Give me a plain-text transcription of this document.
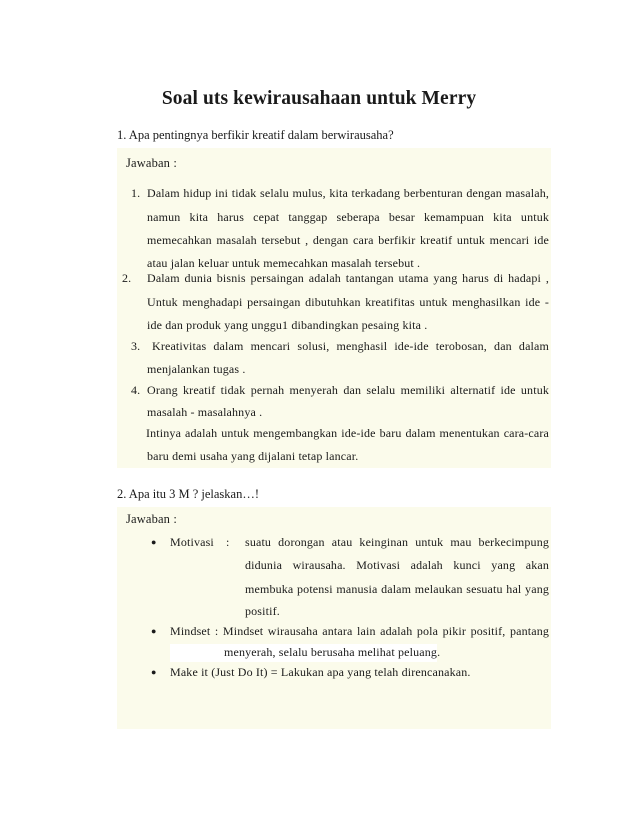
Soal uts kewirausahaan untuk Merry
1. Apa pentingnya berfikir kreatif dalam berwirausaha?
Jawaban :
1. Dalam hidup ini tidak selalu mulus, kita terkadang berbenturan dengan masalah,
namun kita harus cepat tanggap seberapa besar kemampuan kita untuk
memecahkan masalah tersebut , dengan cara berfikir kreatif untuk mencari ide
atau jalan keluar untuk memecahkan masalah tersebut .
2. Dalam dunia bisnis persaingan adalah tantangan utama yang harus di hadapi ,
Untuk menghadapi persaingan dibutuhkan kreatifitas untuk menghasilkan ide -
ide dan produk yang unggu1 dibandingkan pesaing kita .
3. Kreativitas dalam mencari solusi, menghasil ide-ide terobosan, dan dalam
menjalankan tugas .
4. Orang kreatif tidak pernah menyerah dan selalu memiliki alternatif ide untuk
masalah - masalahnya .
Intinya adalah untuk mengembangkan ide-ide baru dalam menentukan cara-cara
baru demi usaha yang dijalani tetap lancar.
2. Apa itu 3 M ? jelaskan…!
Jawaban :
● Motivasi : suatu dorongan atau keinginan untuk mau berkecimpung
didunia wirausaha. Motivasi adalah kunci yang akan
membuka potensi manusia dalam melaukan sesuatu hal yang
positif.
● Mindset : Mindset wirausaha antara lain adalah pola pikir positif, pantang
menyerah, selalu berusaha melihat peluang.
● Make it (Just Do It) = Lakukan apa yang telah direncanakan.
